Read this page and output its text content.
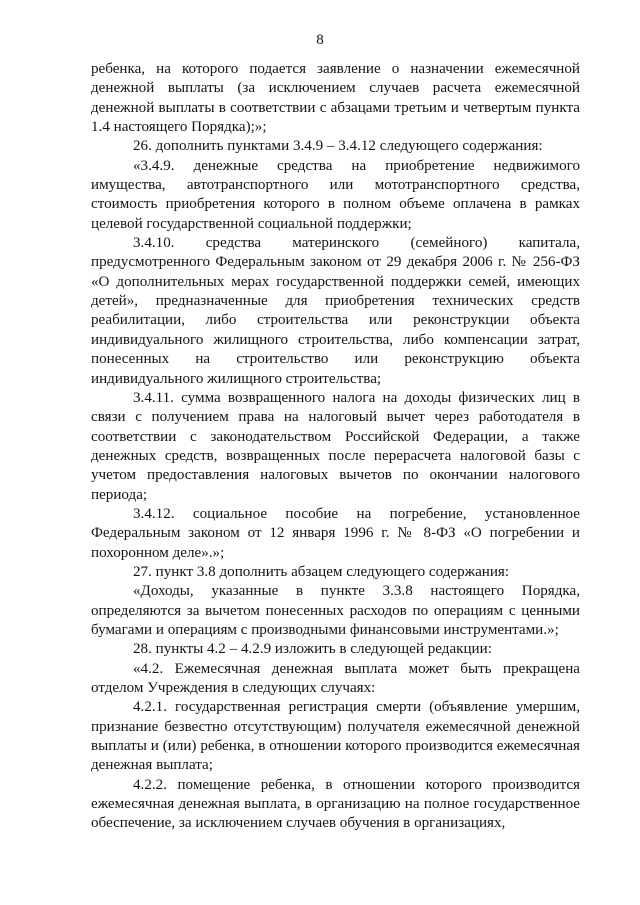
8

ребенка, на которого подается заявление о назначении ежемесячной денежной выплаты (за исключением случаев расчета ежемесячной денежной выплаты в соответствии с абзацами третьим и четвертым пункта 1.4 настоящего Порядка);»;

26. дополнить пунктами 3.4.9 – 3.4.12 следующего содержания:

«3.4.9. денежные средства на приобретение недвижимого имущества, автотранспортного или мототранспортного средства, стоимость приобретения которого в полном объеме оплачена в рамках целевой государственной социальной поддержки;

3.4.10. средства материнского (семейного) капитала, предусмотренного Федеральным законом от 29 декабря 2006 г. № 256-ФЗ «О дополнительных мерах государственной поддержки семей, имеющих детей», предназначенные для приобретения технических средств реабилитации, либо строительства или реконструкции объекта индивидуального жилищного строительства, либо компенсации затрат, понесенных на строительство или реконструкцию объекта индивидуального жилищного строительства;

3.4.11. сумма возвращенного налога на доходы физических лиц в связи с получением права на налоговый вычет через работодателя в соответствии с законодательством Российской Федерации, а также денежных средств, возвращенных после перерасчета налоговой базы с учетом предоставления налоговых вычетов по окончании налогового периода;

3.4.12. социальное пособие на погребение, установленное Федеральным законом от 12 января 1996 г. № 8-ФЗ «О погребении и похоронном деле».»;

27. пункт 3.8 дополнить абзацем следующего содержания:

«Доходы, указанные в пункте 3.3.8 настоящего Порядка, определяются за вычетом понесенных расходов по операциям с ценными бумагами и операциям с производными финансовыми инструментами.»;

28. пункты 4.2 – 4.2.9 изложить в следующей редакции:

«4.2. Ежемесячная денежная выплата может быть прекращена отделом Учреждения в следующих случаях:

4.2.1. государственная регистрация смерти (объявление умершим, признание безвестно отсутствующим) получателя ежемесячной денежной выплаты и (или) ребенка, в отношении которого производится ежемесячная денежная выплата;

4.2.2. помещение ребенка, в отношении которого производится ежемесячная денежная выплата, в организацию на полное государственное обеспечение, за исключением случаев обучения в организациях,
